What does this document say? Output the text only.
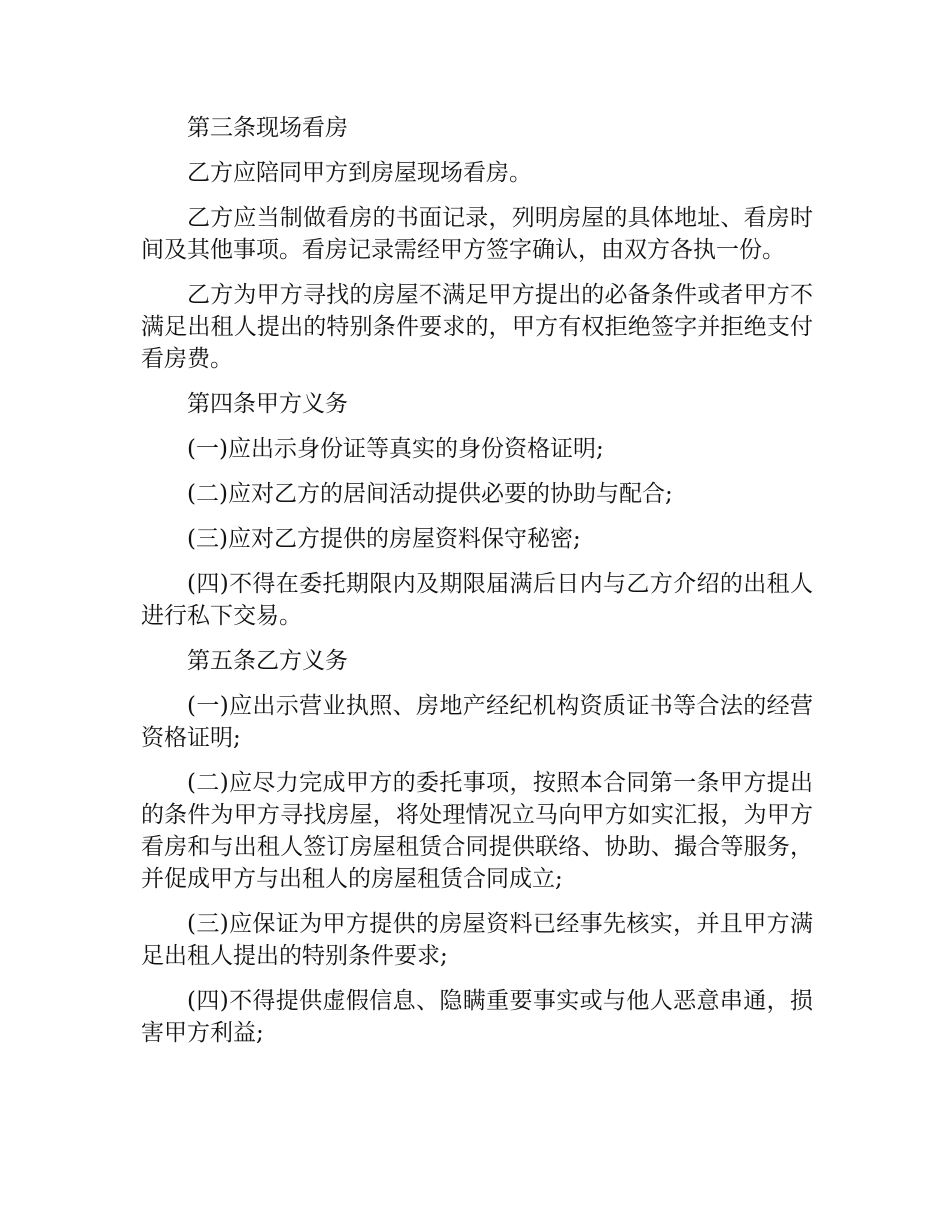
第三条现场看房

乙方应陪同甲方到房屋现场看房。

乙方应当制做看房的书面记录，列明房屋的具体地址、看房时间及其他事项。看房记录需经甲方签字确认，由双方各执一份。

乙方为甲方寻找的房屋不满足甲方提出的必备条件或者甲方不满足出租人提出的特别条件要求的，甲方有权拒绝签字并拒绝支付看房费。

第四条甲方义务

(一)应出示身份证等真实的身份资格证明;

(二)应对乙方的居间活动提供必要的协助与配合;

(三)应对乙方提供的房屋资料保守秘密;

(四)不得在委托期限内及期限届满后日内与乙方介绍的出租人进行私下交易。

第五条乙方义务

(一)应出示营业执照、房地产经纪机构资质证书等合法的经营资格证明;

(二)应尽力完成甲方的委托事项，按照本合同第一条甲方提出的条件为甲方寻找房屋，将处理情况立马向甲方如实汇报，为甲方看房和与出租人签订房屋租赁合同提供联络、协助、撮合等服务，并促成甲方与出租人的房屋租赁合同成立;

(三)应保证为甲方提供的房屋资料已经事先核实，并且甲方满足出租人提出的特别条件要求;

(四)不得提供虚假信息、隐瞒重要事实或与他人恶意串通，损害甲方利益;
